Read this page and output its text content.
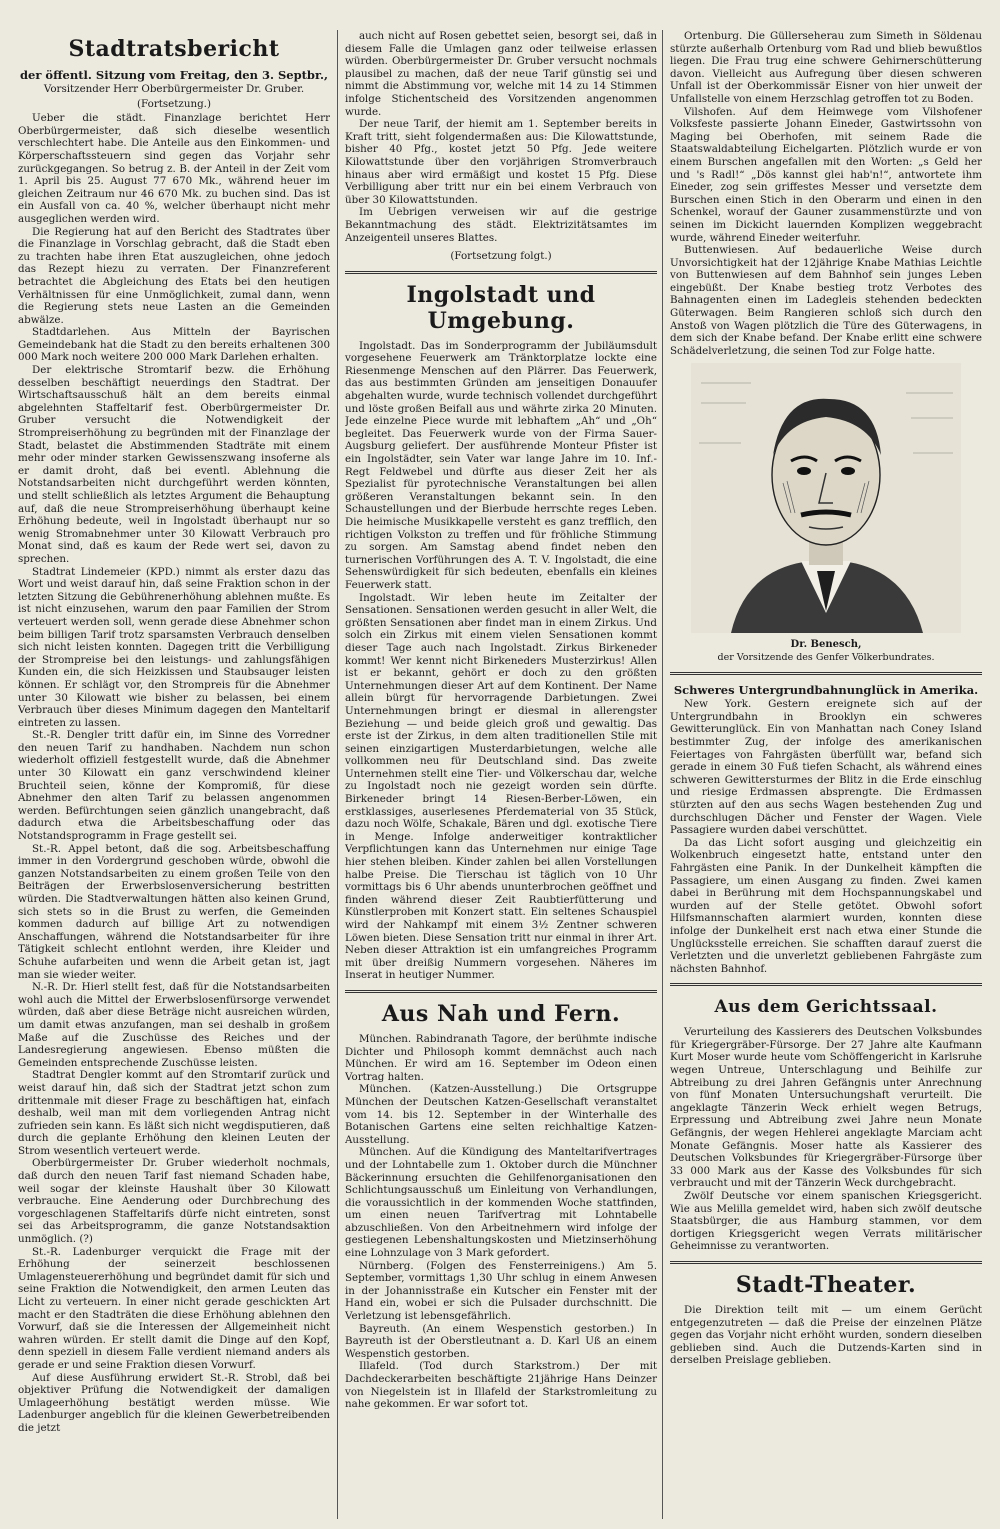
Stadtratsbericht
der öffentl. Sitzung vom Freitag, den 3. Septbr.,
Vorsitzender Herr Oberbürgermeister Dr. Gruber.
(Fortsetzung.)

Ueber die städt. Finanzlage berichtet Herr Oberbürgermeister, daß sich dieselbe wesentlich verschlechtert habe. Die Anteile aus den Einkommen- und Körperschaftssteuern sind gegen das Vorjahr sehr zurückgegangen. So betrug z. B. der Anteil in der Zeit vom 1. April bis 25. August 77 670 Mk., während heuer im gleichen Zeitraum nur 46 670 Mk. zu buchen sind. Das ist ein Ausfall von ca. 40 %, welcher überhaupt nicht mehr ausgeglichen werden wird.

Die Regierung hat auf den Bericht des Stadtrates über die Finanzlage in Vorschlag gebracht, daß die Stadt eben zu trachten habe ihren Etat auszugleichen, ohne jedoch das Rezept hiezu zu verraten. Der Finanzreferent betrachtet die Abgleichung des Etats bei den heutigen Verhältnissen für eine Unmöglichkeit, zumal dann, wenn die Regierung stets neue Lasten an die Gemeinden abwälze.

Stadtdarlehen. Aus Mitteln der Bayrischen Gemeindebank hat die Stadt zu den bereits erhaltenen 300 000 Mark noch weitere 200 000 Mark Darlehen erhalten.

Der elektrische Stromtarif bezw. die Erhöhung desselben beschäftigt neuerdings den Stadtrat. Der Wirtschaftsausschuß hält an dem bereits einmal abgelehnten Staffeltarif fest. Oberbürgermeister Dr. Gruber versucht die Notwendigkeit der Strompreiserhöhung zu begründen mit der Finanzlage der Stadt, belastet die Abstimmenden Stadträte mit einem mehr oder minder starken Gewissenszwang insoferne als er damit droht, daß bei eventl. Ablehnung die Notstandsarbeiten nicht durchgeführt werden könnten, und stellt schließlich als letztes Argument die Behauptung auf, daß die neue Strompreiserhöhung überhaupt keine Erhöhung bedeute, weil in Ingolstadt überhaupt nur so wenig Stromabnehmer unter 30 Kilowatt Verbrauch pro Monat sind, daß es kaum der Rede wert sei, davon zu sprechen.

Stadtrat Lindemeier (KPD.) nimmt als erster dazu das Wort und weist darauf hin, daß seine Fraktion schon in der letzten Sitzung die Gebührenerhöhung ablehnen mußte. Es ist nicht einzusehen, warum den paar Familien der Strom verteuert werden soll, wenn gerade diese Abnehmer schon beim billigen Tarif trotz sparsamsten Verbrauch denselben sich nicht leisten konnten. Dagegen tritt die Verbilligung der Strompreise bei den leistungs- und zahlungsfähigen Kunden ein, die sich Heizkissen und Staubsauger leisten können. Er schlägt vor, den Strompreis für die Abnehmer unter 30 Kilowatt wie bisher zu belassen, bei einem Verbrauch über dieses Minimum dagegen den Manteltarif eintreten zu lassen.

St.-R. Dengler tritt dafür ein, im Sinne des Vorredner den neuen Tarif zu handhaben. Nachdem nun schon wiederholt offiziell festgestellt wurde, daß die Abnehmer unter 30 Kilowatt ein ganz verschwindend kleiner Bruchteil seien, könne der Kompromiß, für diese Abnehmer den alten Tarif zu belassen angenommen werden. Befürchtungen seien gänzlich unangebracht, daß dadurch etwa die Arbeitsbeschaffung oder das Notstandsprogramm in Frage gestellt sei.

St.-R. Appel betont, daß die sog. Arbeitsbeschaffung immer in den Vordergrund geschoben würde, obwohl die ganzen Notstandsarbeiten zu einem großen Teile von den Beiträgen der Erwerbslosenversicherung bestritten würden. Die Stadtverwaltungen hätten also keinen Grund, sich stets so in die Brust zu werfen, die Gemeinden kommen dadurch auf billige Art zu notwendigen Anschaffungen, während die Notstandsarbeiter für ihre Tätigkeit schlecht entlohnt werden, ihre Kleider und Schuhe aufarbeiten und wenn die Arbeit getan ist, jagt man sie wieder weiter.

N.-R. Dr. Hierl stellt fest, daß für die Notstandsarbeiten wohl auch die Mittel der Erwerbslosenfürsorge verwendet würden, daß aber diese Beträge nicht ausreichen würden, um damit etwas anzufangen, man sei deshalb in großem Maße auf die Zuschüsse des Reiches und der Landesregierung angewiesen. Ebenso müßten die Gemeinden entsprechende Zuschüsse leisten.

Stadtrat Dengler kommt auf den Stromtarif zurück und weist darauf hin, daß sich der Stadtrat jetzt schon zum drittenmale mit dieser Frage zu beschäftigen hat, einfach deshalb, weil man mit dem vorliegenden Antrag nicht zufrieden sein kann. Es läßt sich nicht wegdisputieren, daß durch die geplante Erhöhung den kleinen Leuten der Strom wesentlich verteuert werde.

Oberbürgermeister Dr. Gruber wiederholt nochmals, daß durch den neuen Tarif fast niemand Schaden habe, weil sogar der kleinste Haushalt über 30 Kilowatt verbrauche. Eine Aenderung oder Durchbrechung des vorgeschlagenen Staffeltarifs dürfe nicht eintreten, sonst sei das Arbeitsprogramm, die ganze Notstandsaktion unmöglich. (?)

St.-R. Ladenburger verquickt die Frage mit der Erhöhung der seinerzeit beschlossenen Umlagensteuererhöhung und begründet damit für sich und seine Fraktion die Notwendigkeit, den armen Leuten das Licht zu verteuern. In einer nicht gerade geschickten Art macht er den Stadträten die diese Erhöhung ablehnen den Vorwurf, daß sie die Interessen der Allgemeinheit nicht wahren würden. Er stellt damit die Dinge auf den Kopf, denn speziell in diesem Falle verdient niemand anders als gerade er und seine Fraktion diesen Vorwurf.

Auf diese Ausführung erwidert St.-R. Strobl, daß bei objektiver Prüfung die Notwendigkeit der damaligen Umlageerhöhung bestätigt werden müsse. Wie Ladenburger angeblich für die kleinen Gewerbetreibenden die jetzt

auch nicht auf Rosen gebettet seien, besorgt sei, daß in diesem Falle die Umlagen ganz oder teilweise erlassen würden. Oberbürgermeister Dr. Gruber versucht nochmals plausibel zu machen, daß der neue Tarif günstig sei und nimmt die Abstimmung vor, welche mit 14 zu 14 Stimmen infolge Stichentscheid des Vorsitzenden angenommen wurde.

Der neue Tarif, der hiemit am 1. September bereits in Kraft tritt, sieht folgendermaßen aus: Die Kilowattstunde, bisher 40 Pfg., kostet jetzt 50 Pfg. Jede weitere Kilowattstunde über den vorjährigen Stromverbrauch hinaus aber wird ermäßigt und kostet 15 Pfg. Diese Verbilligung aber tritt nur ein bei einem Verbrauch von über 30 Kilowattstunden.

Im Uebrigen verweisen wir auf die gestrige Bekanntmachung des städt. Elektrizitätsamtes im Anzeigenteil unseres Blattes.

(Fortsetzung folgt.)
Ingolstadt und Umgebung.

Ingolstadt. Das im Sonderprogramm der Jubiläumsdult vorgesehene Feuerwerk am Tränktorplatze lockte eine Riesenmenge Menschen auf den Plärrer. Das Feuerwerk, das aus bestimmten Gründen am jenseitigen Donauufer abgehalten wurde, wurde technisch vollendet durchgeführt und löste großen Beifall aus und währte zirka 20 Minuten. Jede einzelne Piece wurde mit lebhaftem „Ah“ und „Oh“ begleitet. Das Feuerwerk wurde von der Firma Sauer-Augsburg geliefert. Der ausführende Monteur Pfister ist ein Ingolstädter, sein Vater war lange Jahre im 10. Inf.-Regt Feldwebel und dürfte aus dieser Zeit her als Spezialist für pyrotechnische Veranstaltungen bei allen größeren Veranstaltungen bekannt sein. In den Schaustellungen und der Bierbude herrschte reges Leben. Die heimische Musikkapelle versteht es ganz trefflich, den richtigen Volkston zu treffen und für fröhliche Stimmung zu sorgen. Am Samstag abend findet neben den turnerischen Vorführungen des A. T. V. Ingolstadt, die eine Sehenswürdigkeit für sich bedeuten, ebenfalls ein kleines Feuerwerk statt.

Ingolstadt. Wir leben heute im Zeitalter der Sensationen. Sensationen werden gesucht in aller Welt, die größten Sensationen aber findet man in einem Zirkus. Und solch ein Zirkus mit einem vielen Sensationen kommt dieser Tage auch nach Ingolstadt. Zirkus Birkeneder kommt! Wer kennt nicht Birkeneders Musterzirkus! Allen ist er bekannt, gehört er doch zu den größten Unternehmungen dieser Art auf dem Kontinent. Der Name allein bürgt für hervorragende Darbietungen. Zwei Unternehmungen bringt er diesmal in allerengster Beziehung — und beide gleich groß und gewaltig. Das erste ist der Zirkus, in dem alten traditionellen Stile mit seinen einzigartigen Musterdarbietungen, welche alle vollkommen neu für Deutschland sind. Das zweite Unternehmen stellt eine Tier- und Völkerschau dar, welche zu Ingolstadt noch nie gezeigt worden sein dürfte. Birkeneder bringt 14 Riesen-Berber-Löwen, ein erstklassiges, auserlesenes Pferdematerial von 35 Stück, dazu noch Wölfe, Schakale, Bären und dgl. exotische Tiere in Menge. Infolge anderweitiger kontraktlicher Verpflichtungen kann das Unternehmen nur einige Tage hier stehen bleiben. Kinder zahlen bei allen Vorstellungen halbe Preise. Die Tierschau ist täglich von 10 Uhr vormittags bis 6 Uhr abends ununterbrochen geöffnet und finden während dieser Zeit Raubtierfütterung und Künstlerproben mit Konzert statt. Ein seltenes Schauspiel wird der Nahkampf mit einem 3½ Zentner schweren Löwen bieten. Diese Sensation tritt nur einmal in ihrer Art. Neben dieser Attraktion ist ein umfangreiches Programm mit über dreißig Nummern vorgesehen. Näheres im Inserat in heutiger Nummer.

Aus Nah und Fern.

München. Rabindranath Tagore, der berühmte indische Dichter und Philosoph kommt demnächst auch nach München. Er wird am 16. September im Odeon einen Vortrag halten.

München. (Katzen-Ausstellung.) Die Ortsgruppe München der Deutschen Katzen-Gesellschaft veranstaltet vom 14. bis 12. September in der Winterhalle des Botanischen Gartens eine selten reichhaltige Katzen-Ausstellung.

München. Auf die Kündigung des Manteltarifvertrages und der Lohntabelle zum 1. Oktober durch die Münchner Bäckerinnung ersuchten die Gehilfenorganisationen den Schlichtungsausschuß um Einleitung von Verhandlungen, die voraussichtlich in der kommenden Woche stattfinden, um einen neuen Tarifvertrag mit Lohntabelle abzuschließen. Von den Arbeitnehmern wird infolge der gestiegenen Lebenshaltungskosten und Mietzinserhöhung eine Lohnzulage von 3 Mark gefordert.

Nürnberg. (Folgen des Fensterreinigens.) Am 5. September, vormittags 1,30 Uhr schlug in einem Anwesen in der Johannisstraße ein Kutscher ein Fenster mit der Hand ein, wobei er sich die Pulsader durchschnitt. Die Verletzung ist lebensgefährlich.

Bayreuth. (An einem Wespenstich gestorben.) In Bayreuth ist der Oberstleutnant a. D. Karl Uß an einem Wespenstich gestorben.

Illafeld. (Tod durch Starkstrom.) Der mit Dachdeckerarbeiten beschäftigte 21jährige Hans Deinzer von Niegelstein ist in Illafeld der Starkstromleitung zu nahe gekommen. Er war sofort tot.

Ortenburg. Die Güllerseherau zum Simeth in Söldenau stürzte außerhalb Ortenburg vom Rad und blieb bewußtlos liegen. Die Frau trug eine schwere Gehirnerschütterung davon. Vielleicht aus Aufregung über diesen schweren Unfall ist der Oberkommissär Eisner von hier unweit der Unfallstelle von einem Herzschlag getroffen tot zu Boden.

Vilshofen. Auf dem Heimwege vom Vilshofener Volksfeste passierte Johann Eineder, Gastwirtssohn von Maging bei Oberhofen, mit seinem Rade die Staatswaldabteilung Eichelgarten. Plötzlich wurde er von einem Burschen angefallen mit den Worten: „s Geld her und 's Radl!“ „Dös kannst glei hab'n!“, antwortete ihm Eineder, zog sein griffestes Messer und versetzte dem Burschen einen Stich in den Oberarm und einen in den Schenkel, worauf der Gauner zusammenstürzte und von seinen im Dickicht lauernden Komplizen weggebracht wurde, während Eineder weiterfuhr.

Buttenwiesen. Auf bedauerliche Weise durch Unvorsichtigkeit hat der 12jährige Knabe Mathias Leichtle von Buttenwiesen auf dem Bahnhof sein junges Leben eingebüßt. Der Knabe bestieg trotz Verbotes des Bahnagenten einen im Ladegleis stehenden bedeckten Güterwagen. Beim Rangieren schloß sich durch den Anstoß von Wagen plötzlich die Türe des Güterwagens, in dem sich der Knabe befand. Der Knabe erlitt eine schwere Schädelverletzung, die seinen Tod zur Folge hatte.

Dr. Benesch,
der Vorsitzende des Genfer Völkerbundrates.
Schweres Untergrundbahnunglück in Amerika.

New York. Gestern ereignete sich auf der Untergrundbahn in Brooklyn ein schweres Gewitterunglück. Ein von Manhattan nach Coney Island bestimmter Zug, der infolge des amerikanischen Feiertages von Fahrgästen überfüllt war, befand sich gerade in einem 30 Fuß tiefen Schacht, als während eines schweren Gewittersturmes der Blitz in die Erde einschlug und riesige Erdmassen absprengte. Die Erdmassen stürzten auf den aus sechs Wagen bestehenden Zug und durchschlugen Dächer und Fenster der Wagen. Viele Passagiere wurden dabei verschüttet.

Da das Licht sofort ausging und gleichzeitig ein Wolkenbruch eingesetzt hatte, entstand unter den Fahrgästen eine Panik. In der Dunkelheit kämpften die Passagiere, um einen Ausgang zu finden. Zwei kamen dabei in Berührung mit dem Hochspannungskabel und wurden auf der Stelle getötet. Obwohl sofort Hilfsmannschaften alarmiert wurden, konnten diese infolge der Dunkelheit erst nach etwa einer Stunde die Unglücksstelle erreichen. Sie schafften darauf zuerst die Verletzten und die unverletzt gebliebenen Fahrgäste zum nächsten Bahnhof.

Aus dem Gerichtssaal.

Verurteilung des Kassierers des Deutschen Volksbundes für Kriegergräber-Fürsorge. Der 27 Jahre alte Kaufmann Kurt Moser wurde heute vom Schöffengericht in Karlsruhe wegen Untreue, Unterschlagung und Beihilfe zur Abtreibung zu drei Jahren Gefängnis unter Anrechnung von fünf Monaten Untersuchungshaft verurteilt. Die angeklagte Tänzerin Weck erhielt wegen Betrugs, Erpressung und Abtreibung zwei Jahre neun Monate Gefängnis, der wegen Hehlerei angeklagte Marciam acht Monate Gefängnis. Moser hatte als Kassierer des Deutschen Volksbundes für Kriegergräber-Fürsorge über 33 000 Mark aus der Kasse des Volksbundes für sich verbraucht und mit der Tänzerin Weck durchgebracht.

Zwölf Deutsche vor einem spanischen Kriegsgericht. Wie aus Melilla gemeldet wird, haben sich zwölf deutsche Staatsbürger, die aus Hamburg stammen, vor dem dortigen Kriegsgericht wegen Verrats militärischer Geheimnisse zu verantworten.

Stadt-Theater.

Die Direktion teilt mit — um einem Gerücht entgegenzutreten — daß die Preise der einzelnen Plätze gegen das Vorjahr nicht erhöht wurden, sondern dieselben geblieben sind. Auch die Dutzends-Karten sind in derselben Preislage geblieben.
